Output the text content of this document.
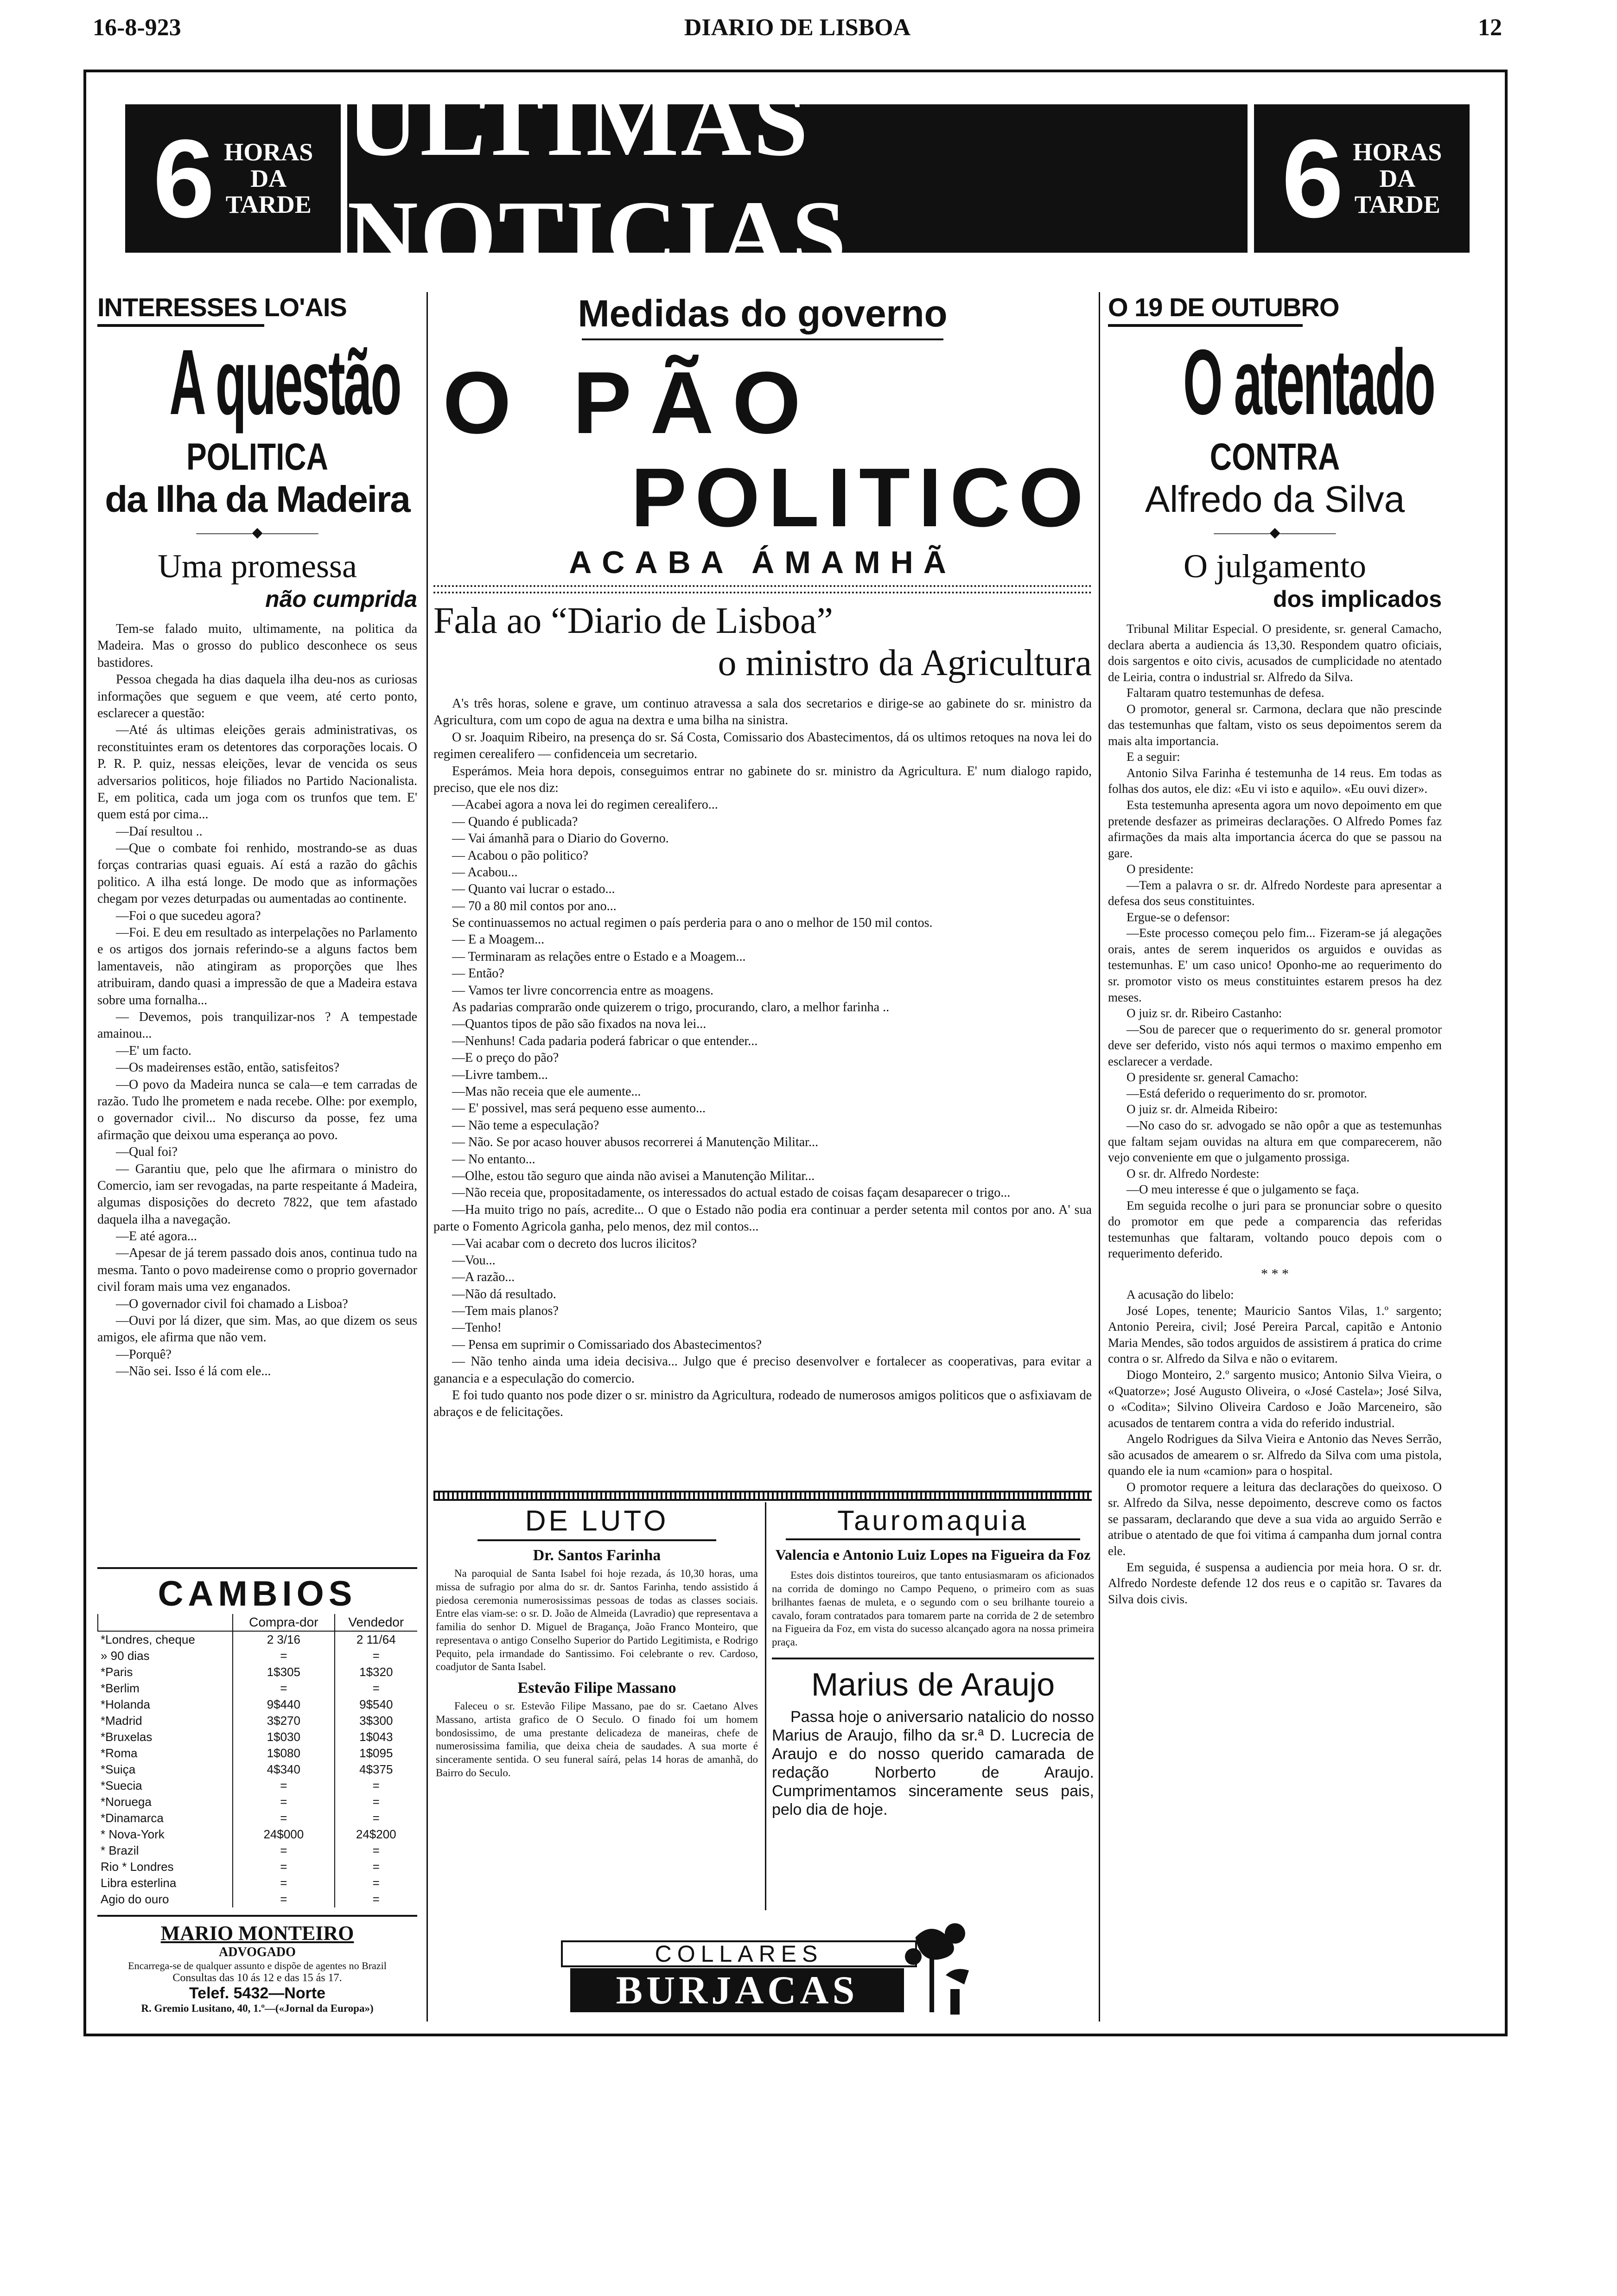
16-8-923	DIARIO DE LISBOA	12
6 HORAS
DA
TARDE
ULTIMAS NOTICIAS	6 HORAS
DA
TARDE
INTERESSES LO'AIS
A questão
POLITICA
da Ilha da Madeira
————◆————
Uma promessa
não cumprida

Tem-se falado muito, ultimamente, na politica da Madeira. Mas o grosso do publico desconhece os seus bastidores.

Pessoa chegada ha dias daquela ilha deu-nos as curiosas informações que seguem e que veem, até certo ponto, esclarecer a questão:

—Até ás ultimas eleições gerais administrativas, os reconstituintes eram os detentores das corporações locais. O P. R. P. quiz, nessas eleições, levar de vencida os seus adversarios politicos, hoje filiados no Partido Nacionalista. E, em politica, cada um joga com os trunfos que tem. E' quem está por cima...

—Daí resultou ..

—Que o combate foi renhido, mostrando-se as duas forças contrarias quasi eguais. Aí está a razão do gâchis politico. A ilha está longe. De modo que as informações chegam por vezes deturpadas ou aumentadas ao continente.

—Foi o que sucedeu agora?

—Foi. E deu em resultado as interpelações no Parlamento e os artigos dos jornais referindo-se a alguns factos bem lamentaveis, não atingiram as proporções que lhes atribuiram, dando quasi a impressão de que a Madeira estava sobre uma fornalha...

— Devemos, pois tranquilizar-nos ? A tempestade amainou...

—E' um facto.

—Os madeirenses estão, então, satisfeitos?

—O povo da Madeira nunca se cala—e tem carradas de razão. Tudo lhe prometem e nada recebe. Olhe: por exemplo, o governador civil... No discurso da posse, fez uma afirmação que deixou uma esperança ao povo.

—Qual foi?

— Garantiu que, pelo que lhe afirmara o ministro do Comercio, iam ser revogadas, na parte respeitante á Madeira, algumas disposições do decreto 7822, que tem afastado daquela ilha a navegação.

—E até agora...

—Apesar de já terem passado dois anos, continua tudo na mesma. Tanto o povo madeirense como o proprio governador civil foram mais uma vez enganados.

—O governador civil foi chamado a Lisboa?

—Ouvi por lá dizer, que sim. Mas, ao que dizem os seus amigos, ele afirma que não vem.

—Porquê?

—Não sei. Isso é lá com ele...

CAMBIOS
	Compra-dor	Vendedor
*Londres, cheque	2 3/16	2 11/64
» 90 dias	=	=
*Paris	1$305	1$320
*Berlim	=	=
*Holanda	9$440	9$540
*Madrid	3$270	3$300
*Bruxelas	1$030	1$043
*Roma	1$080	1$095
*Suiça	4$340	4$375
*Suecia	=	=
*Noruega	=	=
*Dinamarca	=	=
* Nova-York	24$000	24$200
* Brazil	=	=
Rio * Londres	=	=
Libra esterlina	=	=
Agio do ouro	=	=
MARIO MONTEIRO
ADVOGADO
Encarrega-se de qualquer assunto e dispõe de agentes no Brazil
Consultas das 10 ás 12 e das 15 ás 17.
Telef. 5432—Norte
R. Gremio Lusitano, 40, 1.º—(«Jornal da Europa»)
Medidas do governo
O PÃO
POLITICO
ACABA ÁMAMHÃ
Fala ao “Diario de Lisboa”
o ministro da Agricultura

A's três horas, solene e grave, um continuo atravessa a sala dos secretarios e dirige-se ao gabinete do sr. ministro da Agricultura, com um copo de agua na dextra e uma bilha na sinistra.

O sr. Joaquim Ribeiro, na presença do sr. Sá Costa, Comissario dos Abastecimentos, dá os ultimos retoques na nova lei do regimen cerealifero — confidenceia um secretario.

Esperámos. Meia hora depois, conseguimos entrar no gabinete do sr. ministro da Agricultura. E' num dialogo rapido, preciso, que ele nos diz:

—Acabei agora a nova lei do regimen cerealifero...

— Quando é publicada?

— Vai ámanhã para o Diario do Governo.

— Acabou o pão politico?

— Acabou...

— Quanto vai lucrar o estado...

— 70 a 80 mil contos por ano...

Se continuassemos no actual regimen o país perderia para o ano o melhor de 150 mil contos.

— E a Moagem...

— Terminaram as relações entre o Estado e a Moagem...

— Então?

— Vamos ter livre concorrencia entre as moagens.

As padarias comprarão onde quizerem o trigo, procurando, claro, a melhor farinha ..

—Quantos tipos de pão são fixados na nova lei...

—Nenhuns! Cada padaria poderá fabricar o que entender...

—E o preço do pão?

—Livre tambem...

—Mas não receia que ele aumente...

— E' possivel, mas será pequeno esse aumento...

— Não teme a especulação?

— Não. Se por acaso houver abusos recorrerei á Manutenção Militar...

— No entanto...

—Olhe, estou tão seguro que ainda não avisei a Manutenção Militar...

—Não receia que, propositadamente, os interessados do actual estado de coisas façam desaparecer o trigo...

—Ha muito trigo no país, acredite... O que o Estado não podia era continuar a perder setenta mil contos por ano. A' sua parte o Fomento Agricola ganha, pelo menos, dez mil contos...

—Vai acabar com o decreto dos lucros ilicitos?

—Vou...

—A razão...

—Não dá resultado.

—Tem mais planos?

—Tenho!

— Pensa em suprimir o Comissariado dos Abastecimentos?

— Não tenho ainda uma ideia decisiva... Julgo que é preciso desenvolver e fortalecer as cooperativas, para evitar a ganancia e a especulação do comercio.

E foi tudo quanto nos pode dizer o sr. ministro da Agricultura, rodeado de numerosos amigos politicos que o asfixiavam de abraços e de felicitações.

DE LUTO
Dr. Santos Farinha

Na paroquial de Santa Isabel foi hoje rezada, ás 10,30 horas, uma missa de sufragio por alma do sr. dr. Santos Farinha, tendo assistido á piedosa ceremonia numerosissimas pessoas de todas as classes sociais. Entre elas viam-se: o sr. D. João de Almeida (Lavradio) que representava a familia do senhor D. Miguel de Bragança, João Franco Monteiro, que representava o antigo Conselho Superior do Partido Legitimista, e Rodrigo Pequito, pela irmandade do Santissimo. Foi celebrante o rev. Cardoso, coadjutor de Santa Isabel.

Estevão Filipe Massano

Faleceu o sr. Estevão Filipe Massano, pae do sr. Caetano Alves Massano, artista grafico de O Seculo. O finado foi um homem bondosissimo, de uma prestante delicadeza de maneiras, chefe de numerosissima familia, que deixa cheia de saudades. A sua morte é sinceramente sentida. O seu funeral saírá, pelas 14 horas de amanhã, do Bairro do Seculo.

Tauromaquia
Valencia e Antonio Luiz Lopes na Figueira da Foz

Estes dois distintos toureiros, que tanto entusiasmaram os aficionados na corrida de domingo no Campo Pequeno, o primeiro com as suas brilhantes faenas de muleta, e o segundo com o seu brilhante toureio a cavalo, foram contratados para tomarem parte na corrida de 2 de setembro na Figueira da Foz, em vista do sucesso alcançado agora na nossa primeira praça.

Marius de Araujo

Passa hoje o aniversario natalicio do nosso Marius de Araujo, filho da sr.ª D. Lucrecia de Araujo e do nosso querido camarada de redação Norberto de Araujo. Cumprimentamos sinceramente seus pais, pelo dia de hoje.

COLLARES
BURJACAS
O 19 DE OUTUBRO
O atentado
CONTRA
Alfredo da Silva
————◆————
O julgamento
dos implicados

Tribunal Militar Especial. O presidente, sr. general Camacho, declara aberta a audiencia ás 13,30. Respondem quatro oficiais, dois sargentos e oito civis, acusados de cumplicidade no atentado de Leiria, contra o industrial sr. Alfredo da Silva.

Faltaram quatro testemunhas de defesa.

O promotor, general sr. Carmona, declara que não prescinde das testemunhas que faltam, visto os seus depoimentos serem da mais alta importancia.

E a seguir:

Antonio Silva Farinha é testemunha de 14 reus. Em todas as folhas dos autos, ele diz: «Eu vi isto e aquilo». «Eu ouvi dizer».

Esta testemunha apresenta agora um novo depoimento em que pretende desfazer as primeiras declarações. O Alfredo Pomes faz afirmações da mais alta importancia ácerca do que se passou na gare.

O presidente:

—Tem a palavra o sr. dr. Alfredo Nordeste para apresentar a defesa dos seus constituintes.

Ergue-se o defensor:

—Este processo começou pelo fim... Fizeram-se já alegações orais, antes de serem inqueridos os arguidos e ouvidas as testemunhas. E' um caso unico! Oponho-me ao requerimento do sr. promotor visto os meus constituintes estarem presos ha dez meses.

O juiz sr. dr. Ribeiro Castanho:

—Sou de parecer que o requerimento do sr. general promotor deve ser deferido, visto nós aqui termos o maximo empenho em esclarecer a verdade.

O presidente sr. general Camacho:

—Está deferido o requerimento do sr. promotor.

O juiz sr. dr. Almeida Ribeiro:

—No caso do sr. advogado se não opôr a que as testemunhas que faltam sejam ouvidas na altura em que comparecerem, não vejo conveniente em que o julgamento prossiga.

O sr. dr. Alfredo Nordeste:

—O meu interesse é que o julgamento se faça.

Em seguida recolhe o juri para se pronunciar sobre o quesito do promotor em que pede a comparencia das referidas testemunhas que faltaram, voltando pouco depois com o requerimento deferido.

* * *

A acusação do libelo:

José Lopes, tenente; Mauricio Santos Vilas, 1.º sargento; Antonio Pereira, civil; José Pereira Parcal, capitão e Antonio Maria Mendes, são todos arguidos de assistirem á pratica do crime contra o sr. Alfredo da Silva e não o evitarem.

Diogo Monteiro, 2.º sargento musico; Antonio Silva Vieira, o «Quatorze»; José Augusto Oliveira, o «José Castela»; José Silva, o «Codita»; Silvino Oliveira Cardoso e João Marceneiro, são acusados de tentarem contra a vida do referido industrial.

Angelo Rodrigues da Silva Vieira e Antonio das Neves Serrão, são acusados de amearem o sr. Alfredo da Silva com uma pistola, quando ele ia num «camion» para o hospital.

O promotor requere a leitura das declarações do queixoso. O sr. Alfredo da Silva, nesse depoimento, descreve como os factos se passaram, declarando que deve a sua vida ao arguido Serrão e atribue o atentado de que foi vitima á campanha dum jornal contra ele.

Em seguida, é suspensa a audiencia por meia hora. O sr. dr. Alfredo Nordeste defende 12 dos reus e o capitão sr. Tavares da Silva dois civis.
